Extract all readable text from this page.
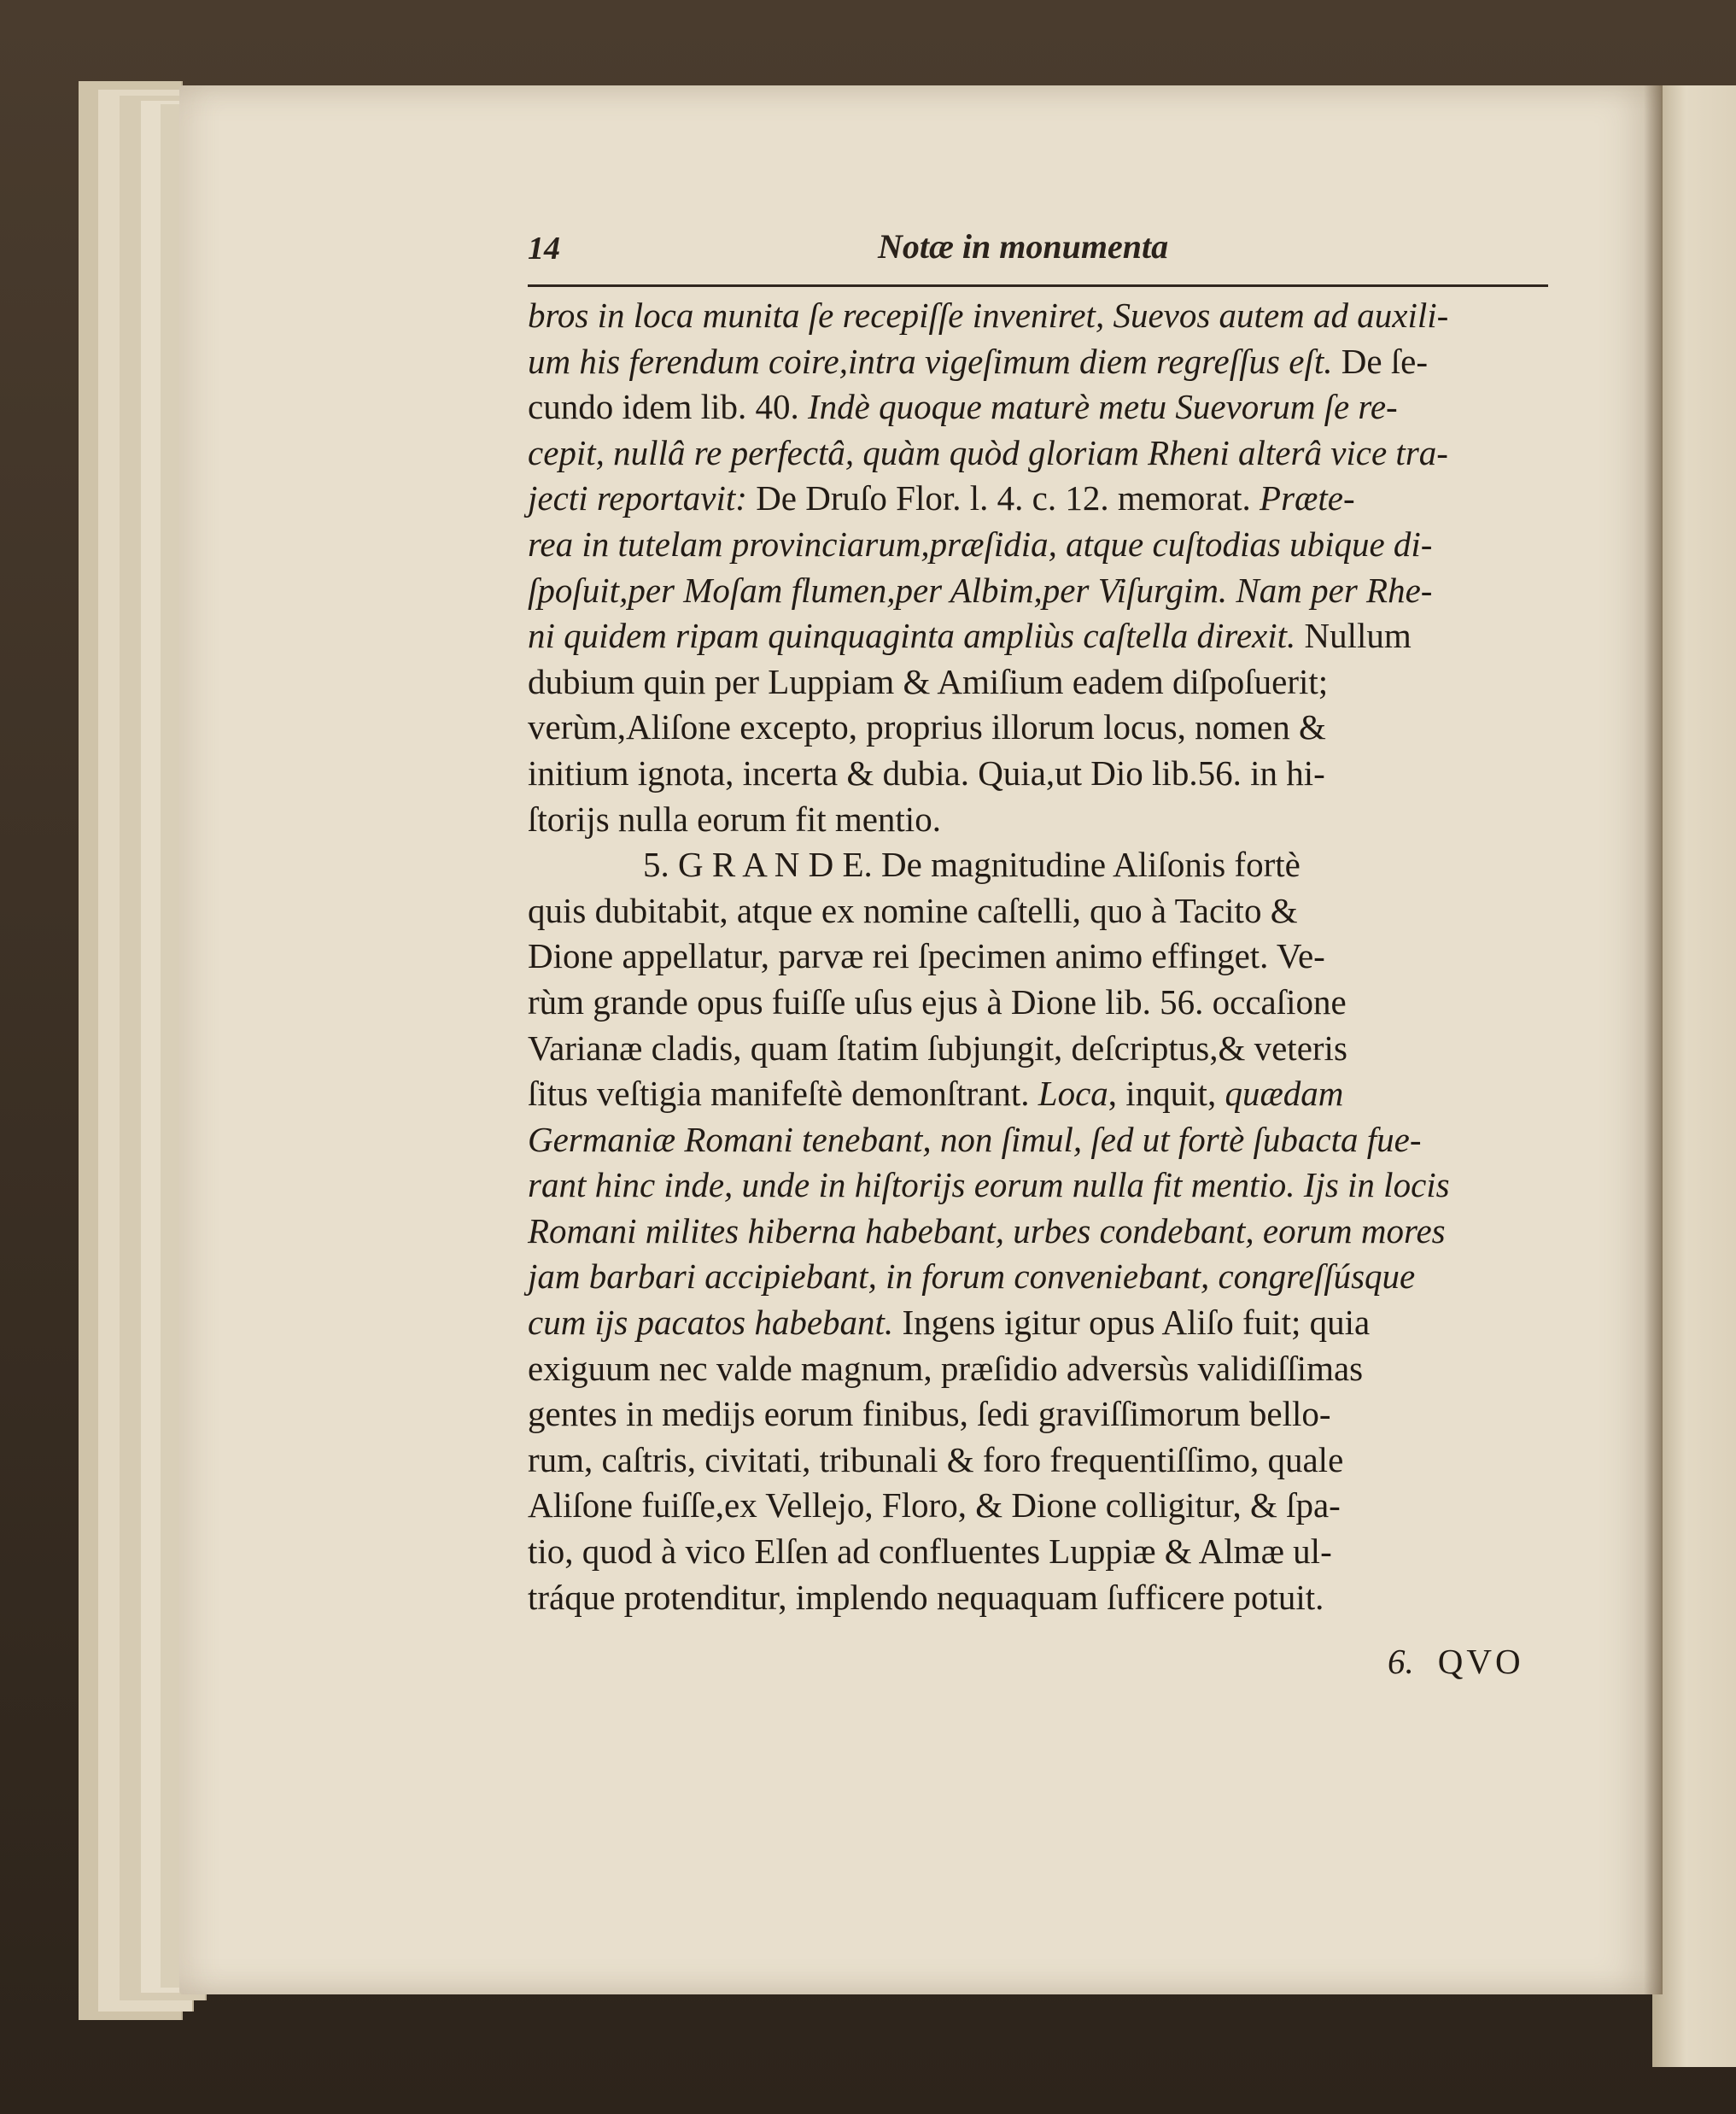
14	Notæ in monumenta
bros in loca munita ſe recepiſſe inveniret, Suevos autem ad auxili-
um his ferendum coire,intra vigeſimum diem regreſſus eſt. De ſe-
cundo idem lib. 40. Indè quoque maturè metu Suevorum ſe re-
cepit, nullâ re perfectâ, quàm quòd gloriam Rheni alterâ vice tra-
jecti reportavit: De Druſo Flor. l. 4. c. 12. memorat. Præte-
rea in tutelam provinciarum,præſidia, atque cuſtodias ubique di-
ſpoſuit,per Moſam flumen,per Albim,per Viſurgim. Nam per Rhe-
ni quidem ripam quinquaginta ampliùs caſtella direxit. Nullum
dubium quin per Luppiam & Amiſium eadem diſpoſuerit;
verùm,Aliſone excepto, proprius illorum locus, nomen &
initium ignota, incerta & dubia. Quia,ut Dio lib.56. in hi-
ſtorijs nulla eorum fit mentio.
5. G R A N D E. De magnitudine Aliſonis fortè
quis dubitabit, atque ex nomine caſtelli, quo à Tacito &
Dione appellatur, parvæ rei ſpecimen animo effinget. Ve-
rùm grande opus fuiſſe uſus ejus à Dione lib. 56. occaſione
Varianæ cladis, quam ſtatim ſubjungit, deſcriptus,& veteris
ſitus veſtigia manifeſtè demonſtrant. Loca, inquit, quædam
Germaniæ Romani tenebant, non ſimul, ſed ut fortè ſubacta fue-
rant hinc inde, unde in hiſtorijs eorum nulla fit mentio. Ijs in locis
Romani milites hiberna habebant, urbes condebant, eorum mores
jam barbari accipiebant, in forum conveniebant, congreſſúsque
cum ijs pacatos habebant. Ingens igitur opus Aliſo fuit; quia
exiguum nec valde magnum, præſidio adversùs validiſſimas
gentes in medijs eorum finibus, ſedi graviſſimorum bello-
rum, caſtris, civitati, tribunali & foro frequentiſſimo, quale
Aliſone fuiſſe,ex Vellejo, Floro, & Dione colligitur, & ſpa-
tio, quod à vico Elſen ad confluentes Luppiæ & Almæ ul-
tráque protenditur, implendo nequaquam ſufficere potuit.
6. QVO
